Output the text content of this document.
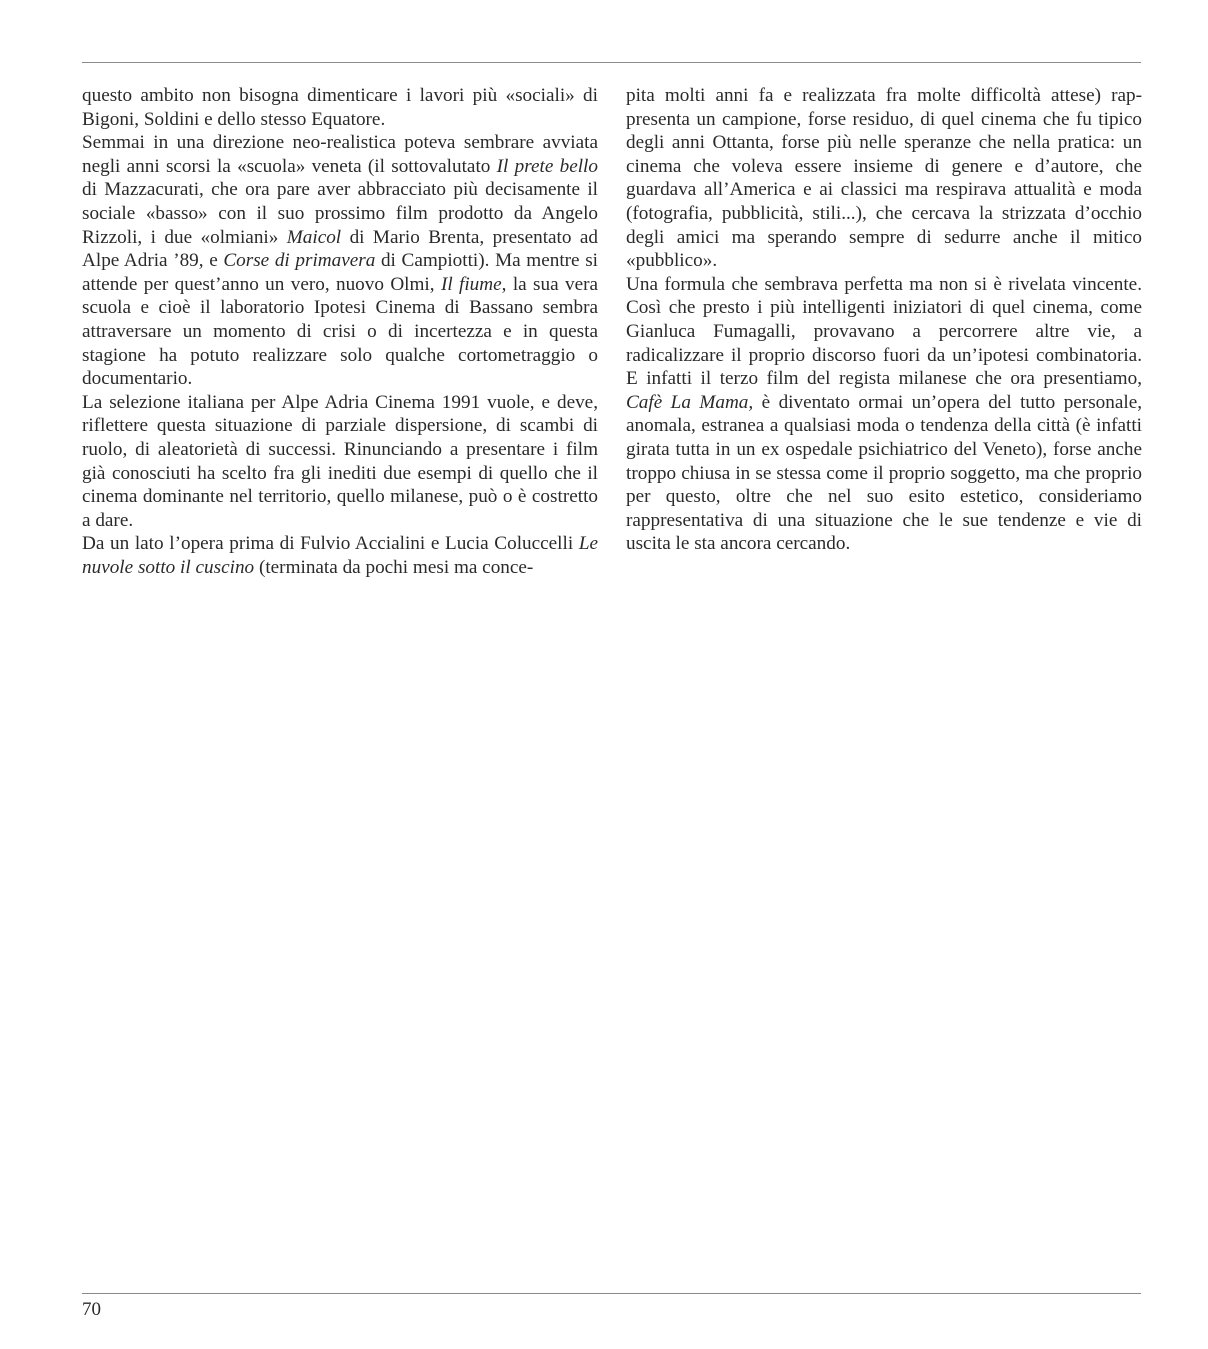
questo ambito non bisogna dimenticare i lavori più «sociali» di Bigoni, Soldini e dello stesso Equatore.

Semmai in una direzione neo-realistica poteva sembrare avviata negli anni scorsi la «scuola» veneta (il sottovalutato Il prete bello di Mazzacurati, che ora pare aver abbracciato più decisamente il sociale «basso» con il suo prossimo film prodotto da Angelo Rizzoli, i due «olmiani» Maicol di Mario Brenta, presentato ad Alpe Adria ’89, e Corse di primavera di Campiotti). Ma mentre si attende per quest’anno un vero, nuovo Olmi, Il fiume, la sua vera scuola e cioè il laboratorio Ipotesi Cinema di Bassano sembra attraversare un momento di crisi o di incertezza e in questa stagione ha potuto realizzare solo qualche cortometraggio o documentario.

La selezione italiana per Alpe Adria Cinema 1991 vuole, e deve, riflettere questa situazione di parziale dispersione, di scambi di ruolo, di aleatorietà di successi. Rinunciando a presentare i film già conosciuti ha scelto fra gli inediti due esempi di quello che il cinema dominante nel territorio, quello milanese, può o è costretto a dare.

Da un lato l’opera prima di Fulvio Accialini e Lucia Coluccelli Le nuvole sotto il cuscino (terminata da pochi mesi ma conce-

pita molti anni fa e realizzata fra molte difficoltà attese) rappresenta un campione, forse residuo, di quel cinema che fu tipico degli anni Ottanta, forse più nelle speranze che nella pratica: un cinema che voleva essere insieme di genere e d’autore, che guardava all’America e ai classici ma respirava attualità e moda (fotografia, pubblicità, stili...), che cercava la strizzata d’occhio degli amici ma sperando sempre di sedurre anche il mitico «pubblico».

Una formula che sembrava perfetta ma non si è rivelata vincente. Così che presto i più intelligenti iniziatori di quel cinema, come Gianluca Fumagalli, provavano a percorrere altre vie, a radicalizzare il proprio discorso fuori da un’ipotesi combinatoria. E infatti il terzo film del regista milanese che ora presentiamo, Cafè La Mama, è diventato ormai un’opera del tutto personale, anomala, estranea a qualsiasi moda o tendenza della città (è infatti girata tutta in un ex ospedale psichiatrico del Veneto), forse anche troppo chiusa in se stessa come il proprio soggetto, ma che proprio per questo, oltre che nel suo esito estetico, consideriamo rappresentativa di una situazione che le sue tendenze e vie di uscita le sta ancora cercando.

70
